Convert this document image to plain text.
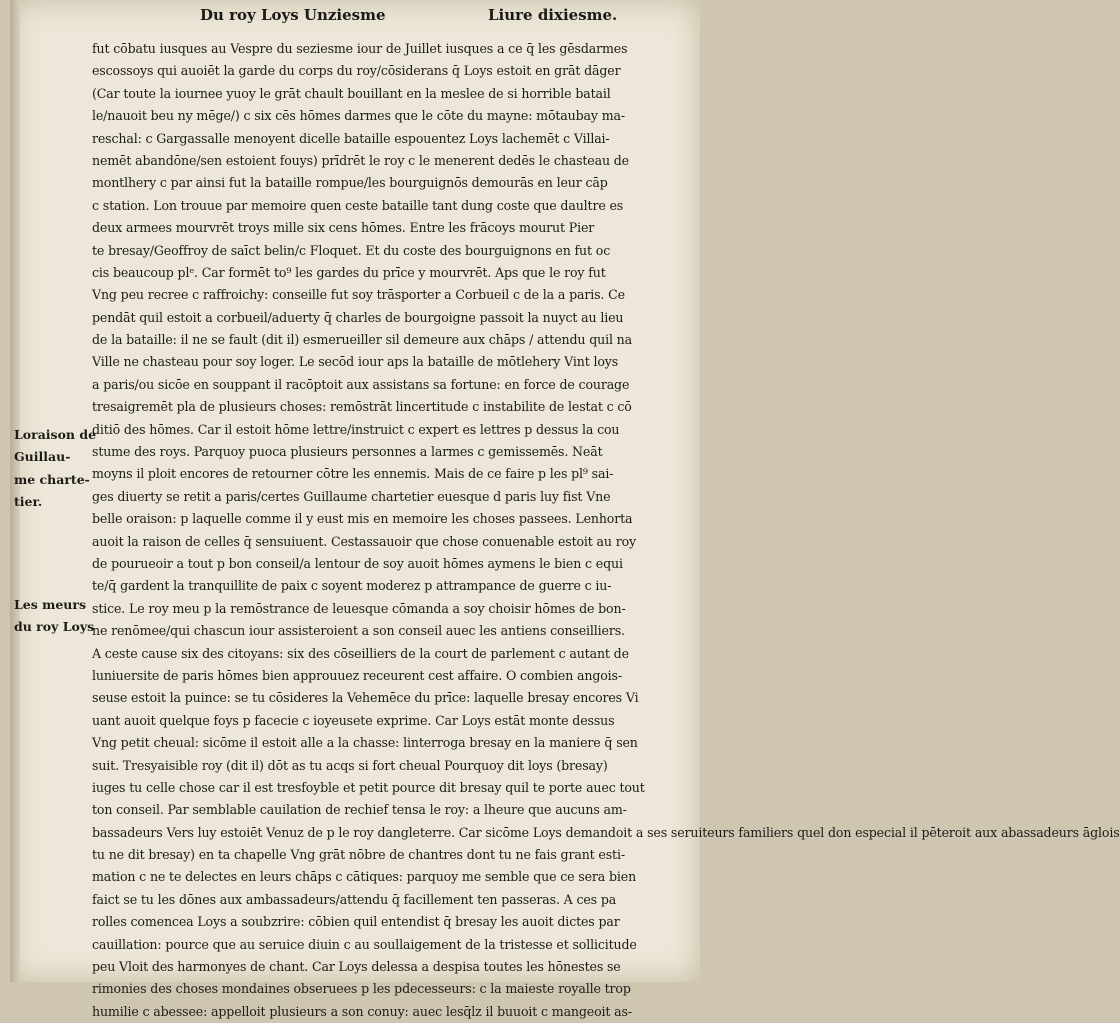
Du roy Loys Unziesme	Liure dixiesme.
Loraison de
Guillau-
me charte-
tier.
Les meurs
du roy Loys
fut cōbatu iusques au Vespre du seziesme iour de Juillet iusques a ce q̄ les gēsdarmes
escossoys qui auoiēt la garde du corps du roy/cōsiderans q̄ Loys estoit en grāt dāger
(Car toute la iournee yuoy le grāt chault bouillant en la meslee de si horrible batail
le/nauoit beu ny mēge/) c six cēs hōmes darmes que le cōte du mayne: mōtaubay ma-
reschal: c Gargassalle menoyent dicelle bataille espouentez Loys lachemēt c Villai-
nemēt abandōne/sen estoient fouys) prīdrēt le roy c le menerent dedēs le chasteau de
montlhery c par ainsi fut la bataille rompue/les bourguignōs demourās en leur cāp
c station. Lon trouue par memoire quen ceste bataille tant dung coste que daultre es
deux armees mourvrēt troys mille six cens hōmes. Entre les frācoys mourut Pier
te bresay/Geoffroy de saīct belin/c Floquet. Et du coste des bourguignons en fut oc
cis beaucoup plᵉ. Car formēt to⁹ les gardes du prīce y mourvrēt. Aps que le roy fut
Vng peu recree c raffroichy: conseille fut soy trāsporter a Corbueil c de la a paris. Ce
pendāt quil estoit a corbueil/aduerty q̄ charles de bourgoigne passoit la nuyct au lieu
de la bataille: il ne se fault (dit il) esmerueiller sil demeure aux chāps / attendu quil na
Ville ne chasteau pour soy loger. Le secōd iour aps la bataille de mōtlehery Vint loys
a paris/ou sicōe en souppant il racōptoit aux assistans sa fortune: en force de courage
tresaigremēt pla de plusieurs choses: remōstrāt lincertitude c instabilite de lestat c cō
ditiō des hōmes. Car il estoit hōme lettre/instruict c expert es lettres p dessus la cou
stume des roys. Parquoy puoca plusieurs personnes a larmes c gemissemēs. Neāt
moyns il ploit encores de retourner cōtre les ennemis. Mais de ce faire p les pl⁹ sai-
ges diuerty se retit a paris/certes Guillaume chartetier euesque d paris luy fist Vne
belle oraison: p laquelle comme il y eust mis en memoire les choses passees. Lenhorta
auoit la raison de celles q̄ sensuiuent. Cestassauoir que chose conuenable estoit au roy
de pourueoir a tout p bon conseil/a lentour de soy auoit hōmes aymens le bien c equi
te/q̄ gardent la tranquillite de paix c soyent moderez p attrampance de guerre c iu-
stice. Le roy meu p la remōstrance de leuesque cōmanda a soy choisir hōmes de bon-
ne renōmee/qui chascun iour assisteroient a son conseil auec les antiens conseilliers.
A ceste cause six des citoyans: six des cōseilliers de la court de parlement c autant de
luniuersite de paris hōmes bien approuuez receurent cest affaire. O combien angois-
seuse estoit la puince: se tu cōsideres la Vehemēce du prīce: laquelle bresay encores Vi
uant auoit quelque foys p facecie c ioyeusete exprime. Car Loys estāt monte dessus
Vng petit cheual: sicōme il estoit alle a la chasse: linterroga bresay en la maniere q̄ sen
suit. Tresyaisible roy (dit il) dōt as tu acqs si fort cheual Pourquoy dit loys (bresay)
iuges tu celle chose car il est tresfoyble et petit pource dit bresay quil te porte auec tout
ton conseil. Par semblable cauilation de rechief tensa le roy: a lheure que aucuns am-
bassadeurs Vers luy estoiēt Venuz de p le roy dangleterre. Car sicōme Loys demandoit a ses seruiteurs familiers quel don especial il pēteroit aux abassadeurs āglois
tu ne dit bresay) en ta chapelle Vng grāt nōbre de chantres dont tu ne fais grant esti-
mation c ne te delectes en leurs chāps c cātiques: parquoy me semble que ce sera bien
faict se tu les dōnes aux ambassadeurs/attendu q̄ facillement ten passeras. A ces pa
rolles comencea Loys a soubzrire: cōbien quil entendist q̄ bresay les auoit dictes par
cauillation: pource que au seruice diuin c au soullaigement de la tristesse et sollicitude
peu Vloit des harmonyes de chant. Car Loys delessa a despisa toutes les hōnestes se
rimonies des choses mondaines obseruees p les pdecesseurs: c la maieste royalle trop
humilie c abessee: appelloit plusieurs a son conuy: auec lesq̄lz il buuoit c mangeoit as-
